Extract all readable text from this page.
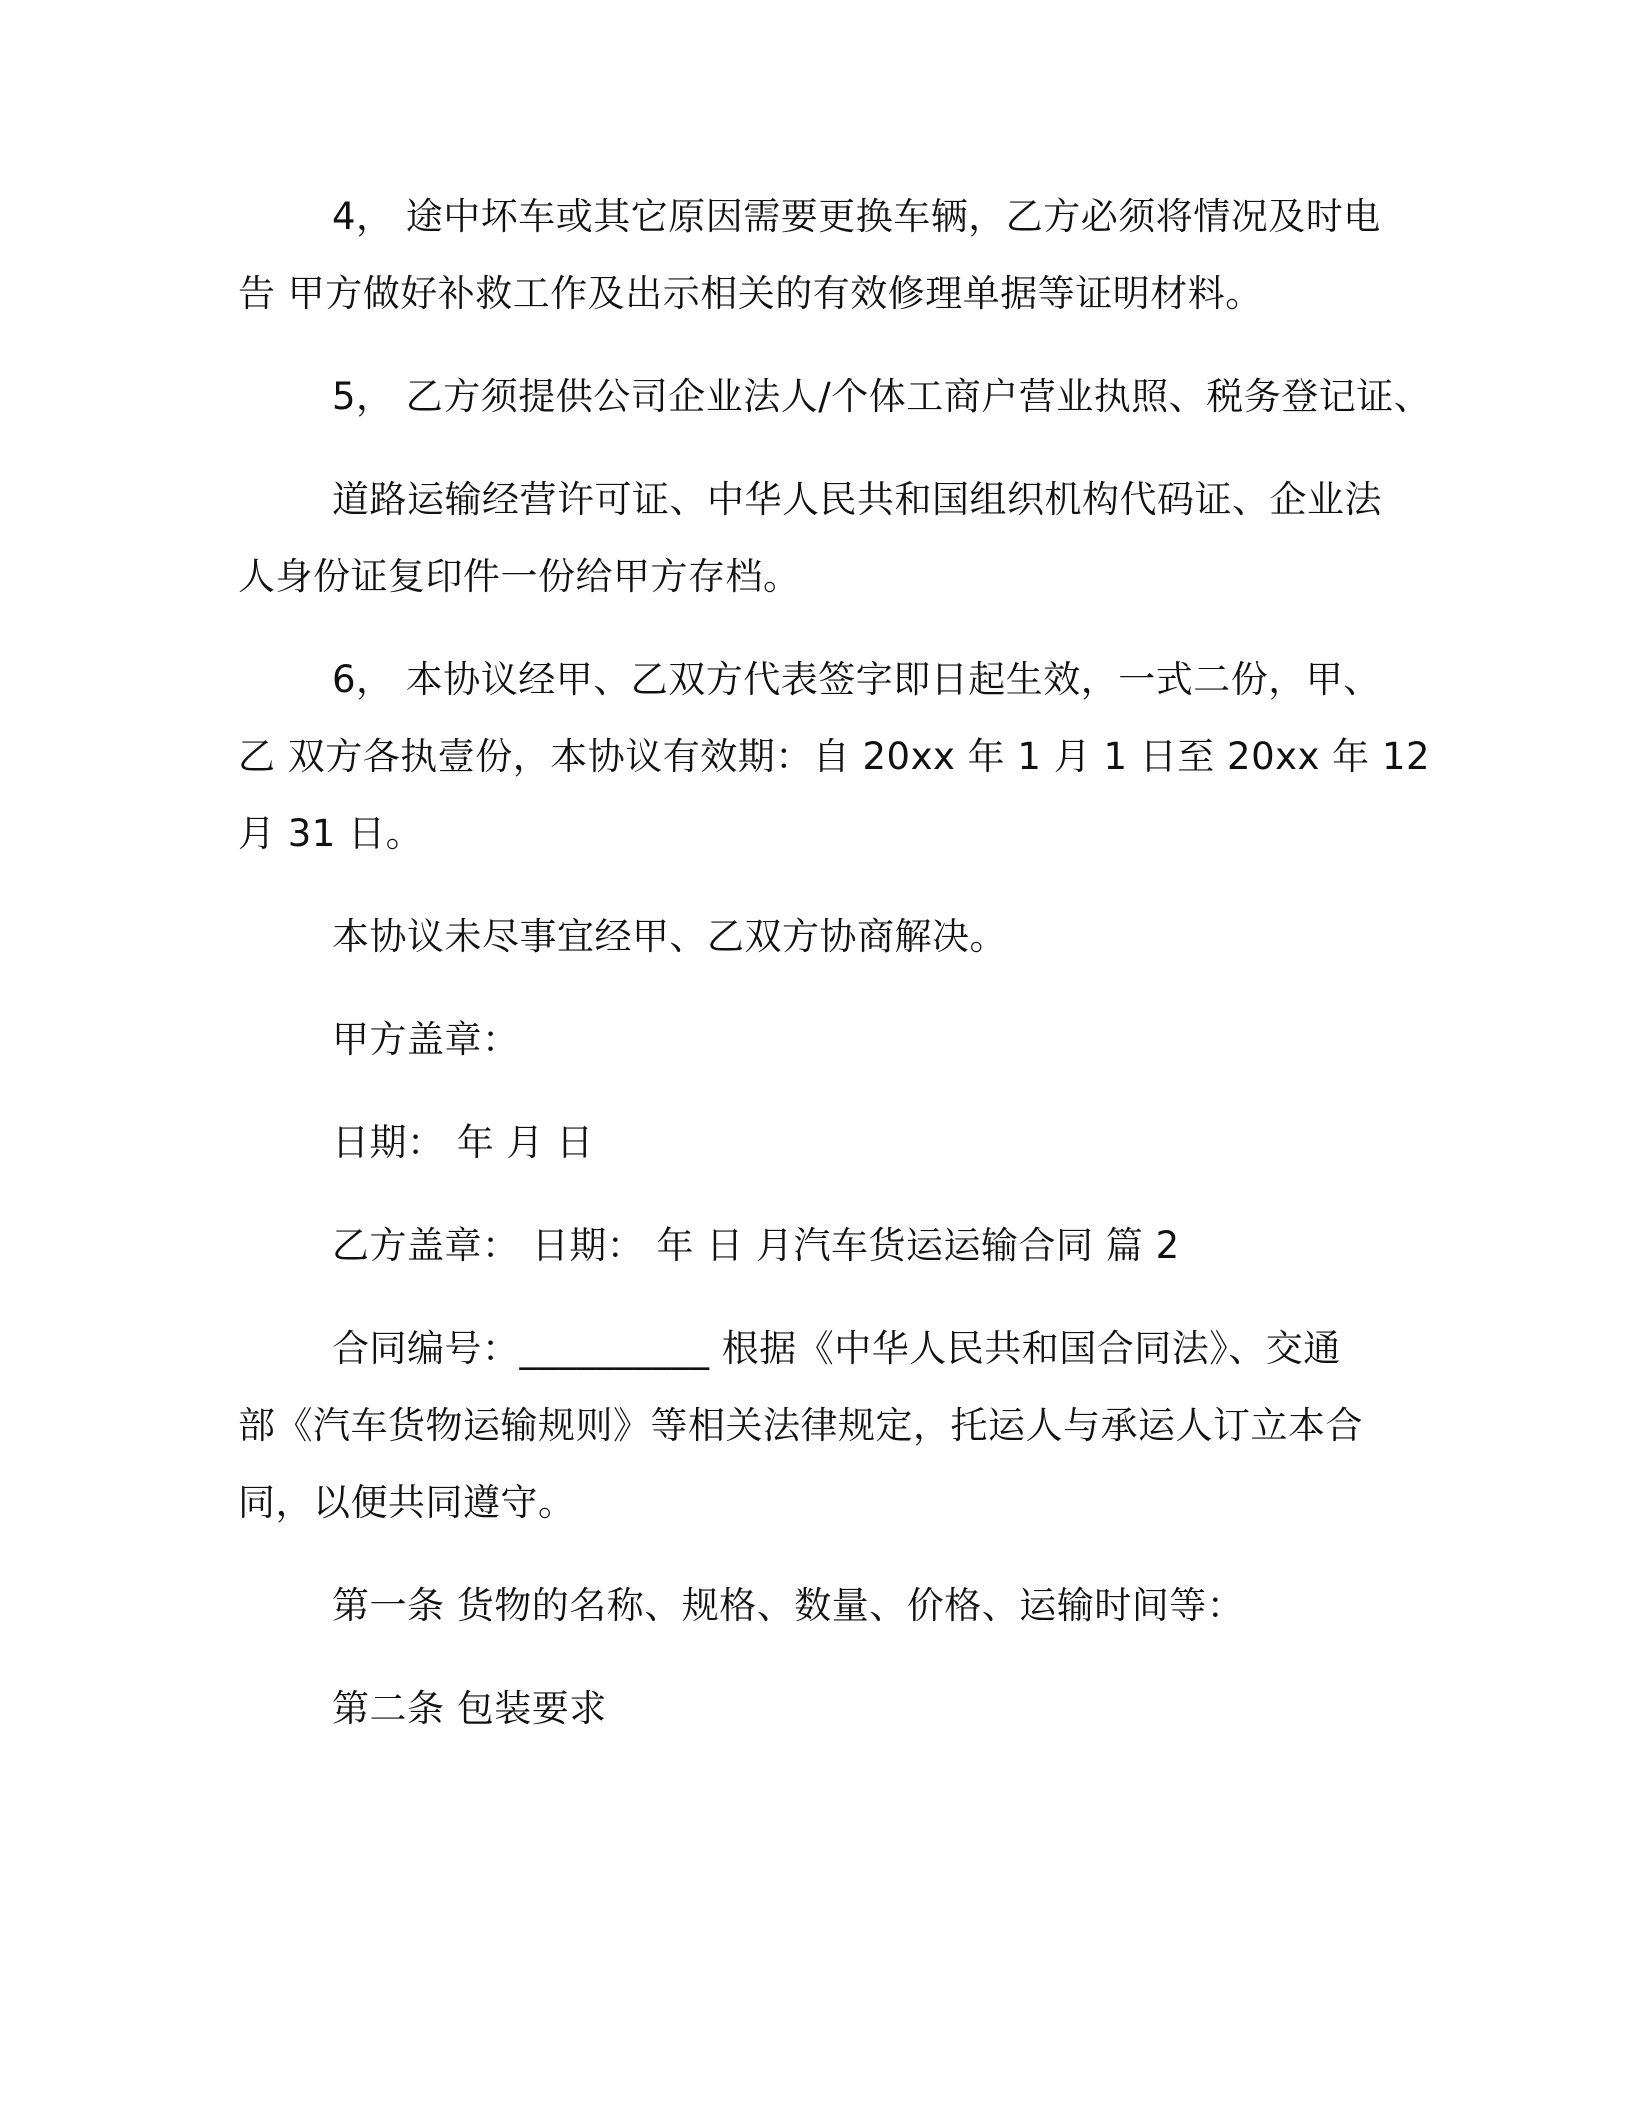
4， 途中坏车或其它原因需要更换车辆，乙方必须将情况及时电
告 甲方做好补救工作及出示相关的有效修理单据等证明材料。
5， 乙方须提供公司企业法人/个体工商户营业执照、税务登记证、
道路运输经营许可证、中华人民共和国组织机构代码证、企业法
人身份证复印件一份给甲方存档。
6， 本协议经甲、乙双方代表签字即日起生效，一式二份，甲、
乙 双方各执壹份，本协议有效期：自 20xx 年 1 月 1 日至 20xx 年 12
月 31 日。
本协议未尽事宜经甲、乙双方协商解决。
甲方盖章：
日期： 年 月 日
乙方盖章： 日期： 年 日 月汽车货运运输合同 篇 2
合同编号：__________ 根据《中华人民共和国合同法》、交通
部《汽车货物运输规则》等相关法律规定，托运人与承运人订立本合
同，以便共同遵守。
第一条 货物的名称、规格、数量、价格、运输时间等：
第二条 包装要求
